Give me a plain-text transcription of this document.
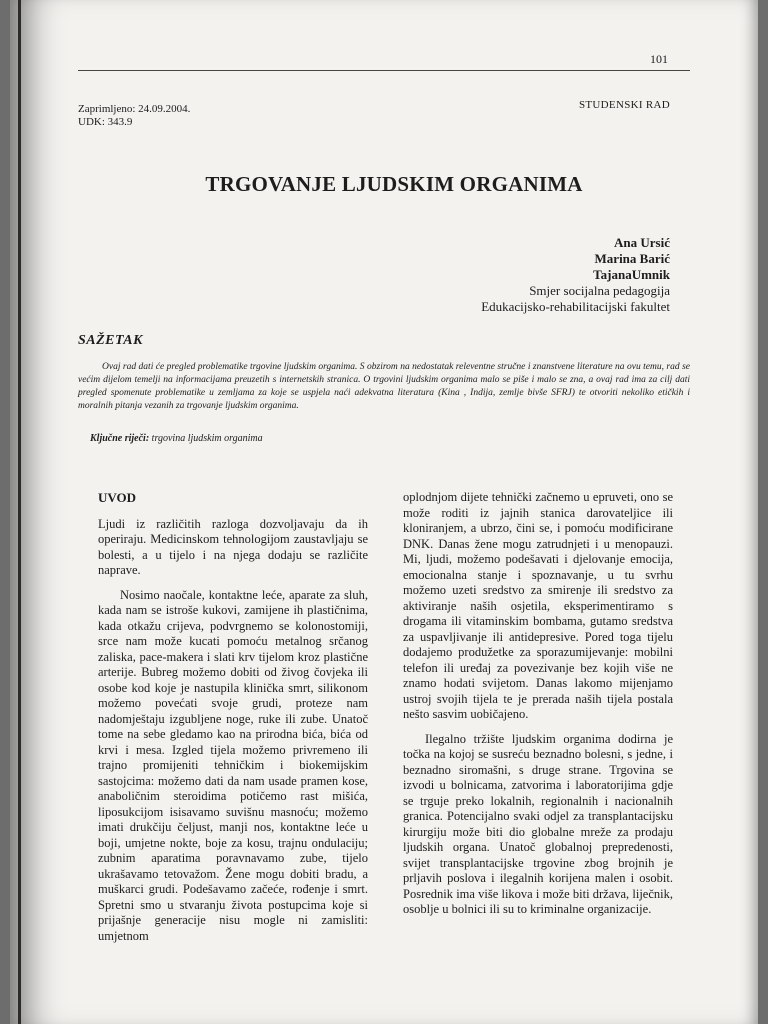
101
Zaprimljeno: 24.09.2004.
UDK: 343.9
STUDENSKI RAD
TRGOVANJE LJUDSKIM ORGANIMA
Ana Ursić
Marina Barić
TajanaUmnik
Smjer socijalna pedagogija
Edukacijsko-rehabilitacijski fakultet
SAŽETAK

Ovaj rad dati će pregled problematike trgovine ljudskim organima. S obzirom na nedostatak releventne stručne i znanstvene literature na ovu temu, rad se većim dijelom temelji na informacijama preuzetih s internetskih stranica. O trgovini ljudskim organima malo se piše i malo se zna, a ovaj rad ima za cilj dati pregled spomenute problematike u zemljama za koje se uspjela naći adekvatna literatura (Kina , Indija, zemlje bivše SFRJ) te otvoriti nekoliko etičkih i moralnih pitanja vezanih za trgovanje ljudskim organima.

Ključne riječi: trgovina ljudskim organima
UVOD

Ljudi iz različitih razloga dozvoljavaju da ih operiraju. Medicinskom tehnologijom zaustavljaju se bolesti, a u tijelo i na njega dodaju se različite naprave.

Nosimo naočale, kontaktne leće, aparate za sluh, kada nam se istroše kukovi, zamijene ih plastičnima, kada otkažu crijeva, podvrgnemo se kolonostomiji, srce nam može kucati pomoću metalnog srčanog zaliska, pace-makera i slati krv tijelom kroz plastične arterije. Bubreg možemo dobiti od živog čovjeka ili osobe kod koje je nastupila klinička smrt, silikonom možemo povećati svoje grudi, proteze nam nadomještaju izgubljene noge, ruke ili zube. Unatoč tome na sebe gledamo kao na prirodna bića, bića od krvi i mesa. Izgled tijela možemo privremeno ili trajno promijeniti tehničkim i biokemijskim sastojcima: možemo dati da nam usade pramen kose, anaboličnim steroidima potičemo rast mišića, liposukcijom isisavamo suvišnu masnoću; možemo imati drukčiju čeljust, manji nos, kontaktne leće u boji, umjetne nokte, boje za kosu, trajnu ondulaciju; zubnim aparatima poravnavamo zube, tijelo ukrašavamo tetovažom. Žene mogu dobiti bradu, a muškarci grudi. Podešavamo začeće, rođenje i smrt. Spretni smo u stvaranju života postupcima koje si prijašnje generacije nisu mogle ni zamisliti: umjetnom

oplodnjom dijete tehnički začnemo u epruveti, ono se može roditi iz jajnih stanica darovateljice ili kloniranjem, a ubrzo, čini se, i pomoću modificirane DNK. Danas žene mogu zatrudnjeti i u menopauzi. Mi, ljudi, možemo podešavati i djelovanje emocija, emocionalna stanje i spoznavanje, u tu svrhu možemo uzeti sredstvo za smirenje ili sredstvo za aktiviranje naših osjetila, eksperimentiramo s drogama ili vitaminskim bombama, gutamo sredstva za uspavljivanje ili antidepresive. Pored toga tijelu dodajemo produžetke za sporazumijevanje: mobilni telefon ili uređaj za povezivanje bez kojih više ne znamo hodati svijetom. Danas lakomo mijenjamo ustroj svojih tijela te je prerada naših tijela postala nešto sasvim uobičajeno.

Ilegalno tržište ljudskim organima dodirna je točka na kojoj se susreću beznadno bolesni, s jedne, i beznadno siromašni, s druge strane. Trgovina se izvodi u bolnicama, zatvorima i laboratorijima gdje se trguje preko lokalnih, regionalnih i nacionalnih granica. Potencijalno svaki odjel za transplantacijsku kirurgiju može biti dio globalne mreže za prodaju ljudskih organa. Unatoč globalnoj prepredenosti, svijet transplantacijske trgovine zbog brojnih je prljavih poslova i ilegalnih korijena malen i osobit. Posrednik ima više likova i može biti država, liječnik, osoblje u bolnici ili su to kriminalne organizacije.
